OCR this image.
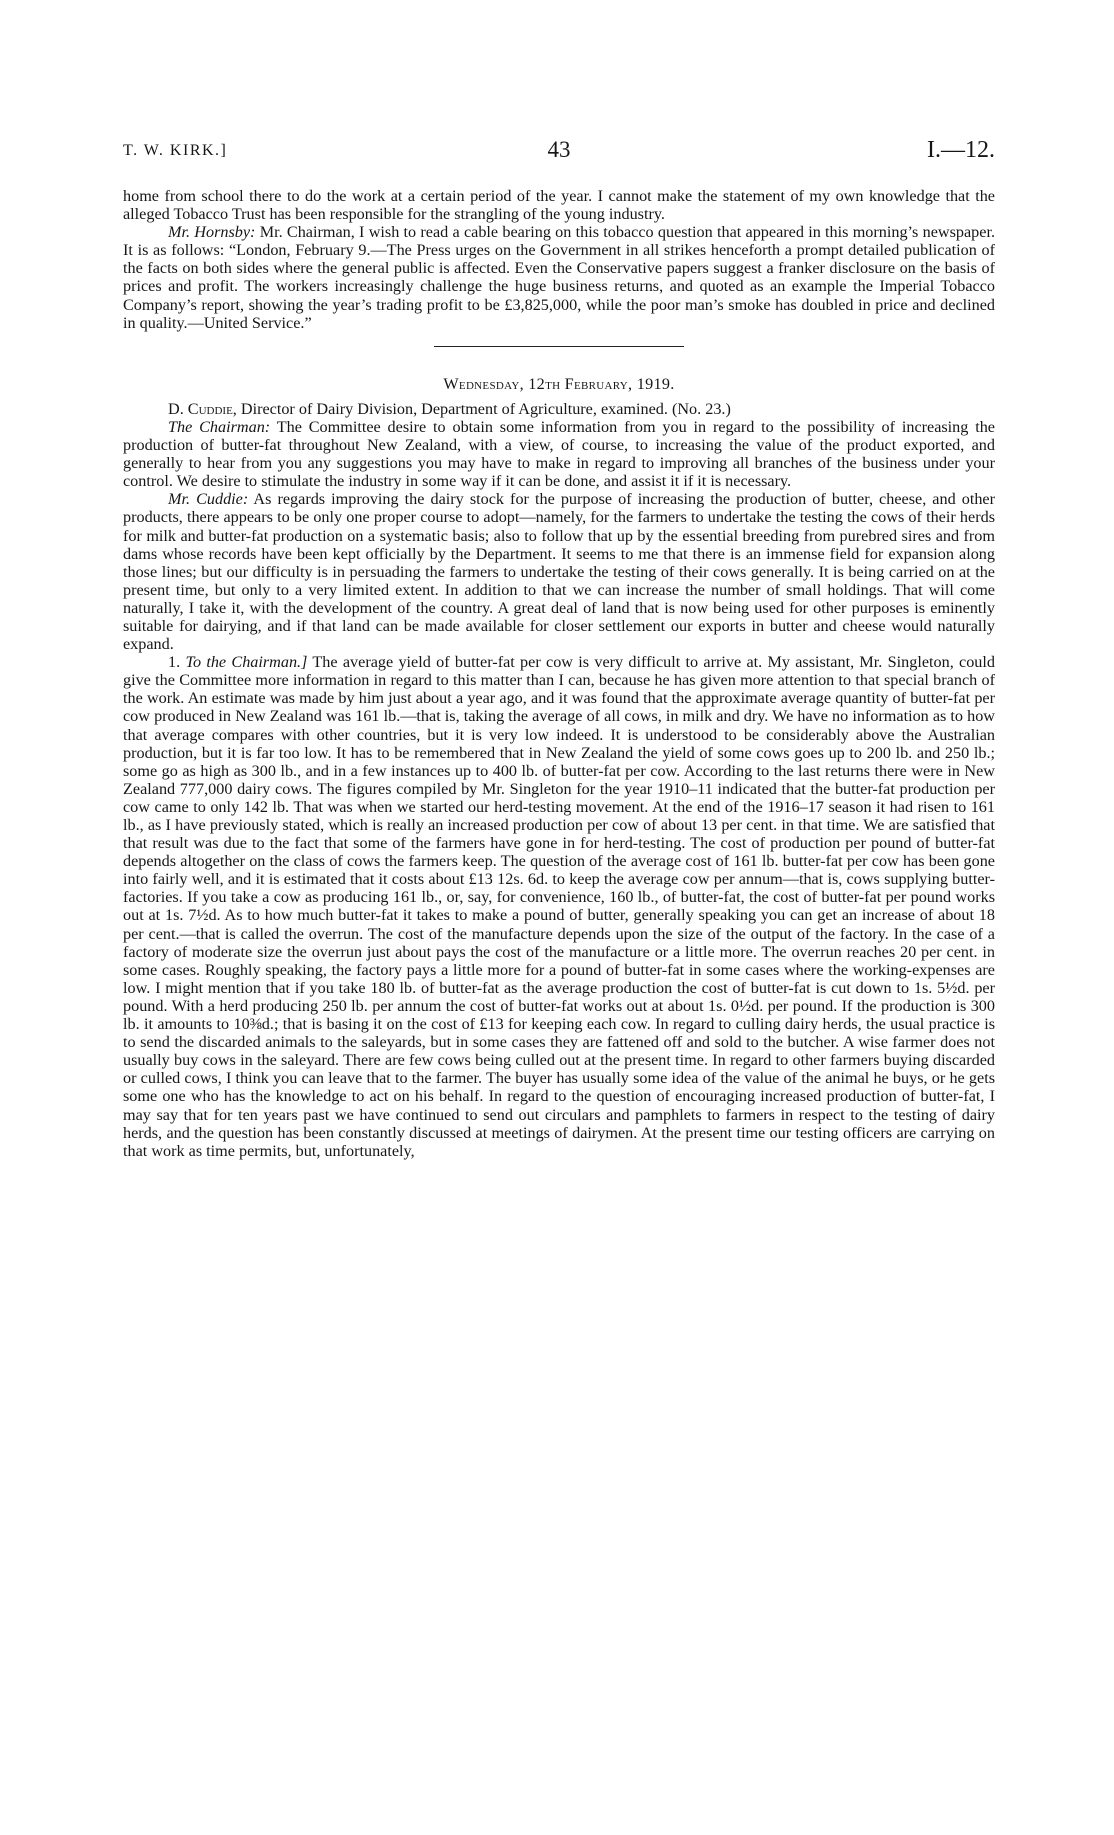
T. W. KIRK.]	43	I.—12.

home from school there to do the work at a certain period of the year. I cannot make the statement of my own knowledge that the alleged Tobacco Trust has been responsible for the strangling of the young industry.

Mr. Hornsby: Mr. Chairman, I wish to read a cable bearing on this tobacco question that appeared in this morning’s newspaper. It is as follows: “London, February 9.—The Press urges on the Government in all strikes henceforth a prompt detailed publication of the facts on both sides where the general public is affected. Even the Conservative papers suggest a franker disclosure on the basis of prices and profit. The workers increasingly challenge the huge business returns, and quoted as an example the Imperial Tobacco Company’s report, showing the year’s trading profit to be £3,825,000, while the poor man’s smoke has doubled in price and declined in quality.—United Service.”

Wednesday, 12th February, 1919.

D. Cuddie, Director of Dairy Division, Department of Agriculture, examined. (No. 23.)

The Chairman: The Committee desire to obtain some information from you in regard to the possibility of increasing the production of butter-fat throughout New Zealand, with a view, of course, to increasing the value of the product exported, and generally to hear from you any suggestions you may have to make in regard to improving all branches of the business under your control. We desire to stimulate the industry in some way if it can be done, and assist it if it is necessary.

Mr. Cuddie: As regards improving the dairy stock for the purpose of increasing the production of butter, cheese, and other products, there appears to be only one proper course to adopt—namely, for the farmers to undertake the testing the cows of their herds for milk and butter-fat production on a systematic basis; also to follow that up by the essential breeding from purebred sires and from dams whose records have been kept officially by the Department. It seems to me that there is an immense field for expansion along those lines; but our difficulty is in persuading the farmers to undertake the testing of their cows generally. It is being carried on at the present time, but only to a very limited extent. In addition to that we can increase the number of small holdings. That will come naturally, I take it, with the development of the country. A great deal of land that is now being used for other purposes is eminently suitable for dairying, and if that land can be made available for closer settlement our exports in butter and cheese would naturally expand.

1. To the Chairman.] The average yield of butter-fat per cow is very difficult to arrive at. My assistant, Mr. Singleton, could give the Committee more information in regard to this matter than I can, because he has given more attention to that special branch of the work. An estimate was made by him just about a year ago, and it was found that the approximate average quantity of butter-fat per cow produced in New Zealand was 161 lb.—that is, taking the average of all cows, in milk and dry. We have no information as to how that average compares with other countries, but it is very low indeed. It is understood to be considerably above the Australian production, but it is far too low. It has to be remembered that in New Zealand the yield of some cows goes up to 200 lb. and 250 lb.; some go as high as 300 lb., and in a few instances up to 400 lb. of butter-fat per cow. According to the last returns there were in New Zealand 777,000 dairy cows. The figures compiled by Mr. Singleton for the year 1910–11 indicated that the butter-fat production per cow came to only 142 lb. That was when we started our herd-testing movement. At the end of the 1916–17 season it had risen to 161 lb., as I have previously stated, which is really an increased production per cow of about 13 per cent. in that time. We are satisfied that that result was due to the fact that some of the farmers have gone in for herd-testing. The cost of production per pound of butter-fat depends altogether on the class of cows the farmers keep. The question of the average cost of 161 lb. butter-fat per cow has been gone into fairly well, and it is estimated that it costs about £13 12s. 6d. to keep the average cow per annum—that is, cows supplying butter-factories. If you take a cow as producing 161 lb., or, say, for convenience, 160 lb., of butter-fat, the cost of butter-fat per pound works out at 1s. 7½d. As to how much butter-fat it takes to make a pound of butter, generally speaking you can get an increase of about 18 per cent.—that is called the overrun. The cost of the manufacture depends upon the size of the output of the factory. In the case of a factory of moderate size the overrun just about pays the cost of the manufacture or a little more. The overrun reaches 20 per cent. in some cases. Roughly speaking, the factory pays a little more for a pound of butter-fat in some cases where the working-expenses are low. I might mention that if you take 180 lb. of butter-fat as the average production the cost of butter-fat is cut down to 1s. 5½d. per pound. With a herd producing 250 lb. per annum the cost of butter-fat works out at about 1s. 0½d. per pound. If the production is 300 lb. it amounts to 10⅜d.; that is basing it on the cost of £13 for keeping each cow. In regard to culling dairy herds, the usual practice is to send the discarded animals to the saleyards, but in some cases they are fattened off and sold to the butcher. A wise farmer does not usually buy cows in the saleyard. There are few cows being culled out at the present time. In regard to other farmers buying discarded or culled cows, I think you can leave that to the farmer. The buyer has usually some idea of the value of the animal he buys, or he gets some one who has the knowledge to act on his behalf. In regard to the question of encouraging increased production of butter-fat, I may say that for ten years past we have continued to send out circulars and pamphlets to farmers in respect to the testing of dairy herds, and the question has been constantly discussed at meetings of dairymen. At the present time our testing officers are carrying on that work as time permits, but, unfortunately,
